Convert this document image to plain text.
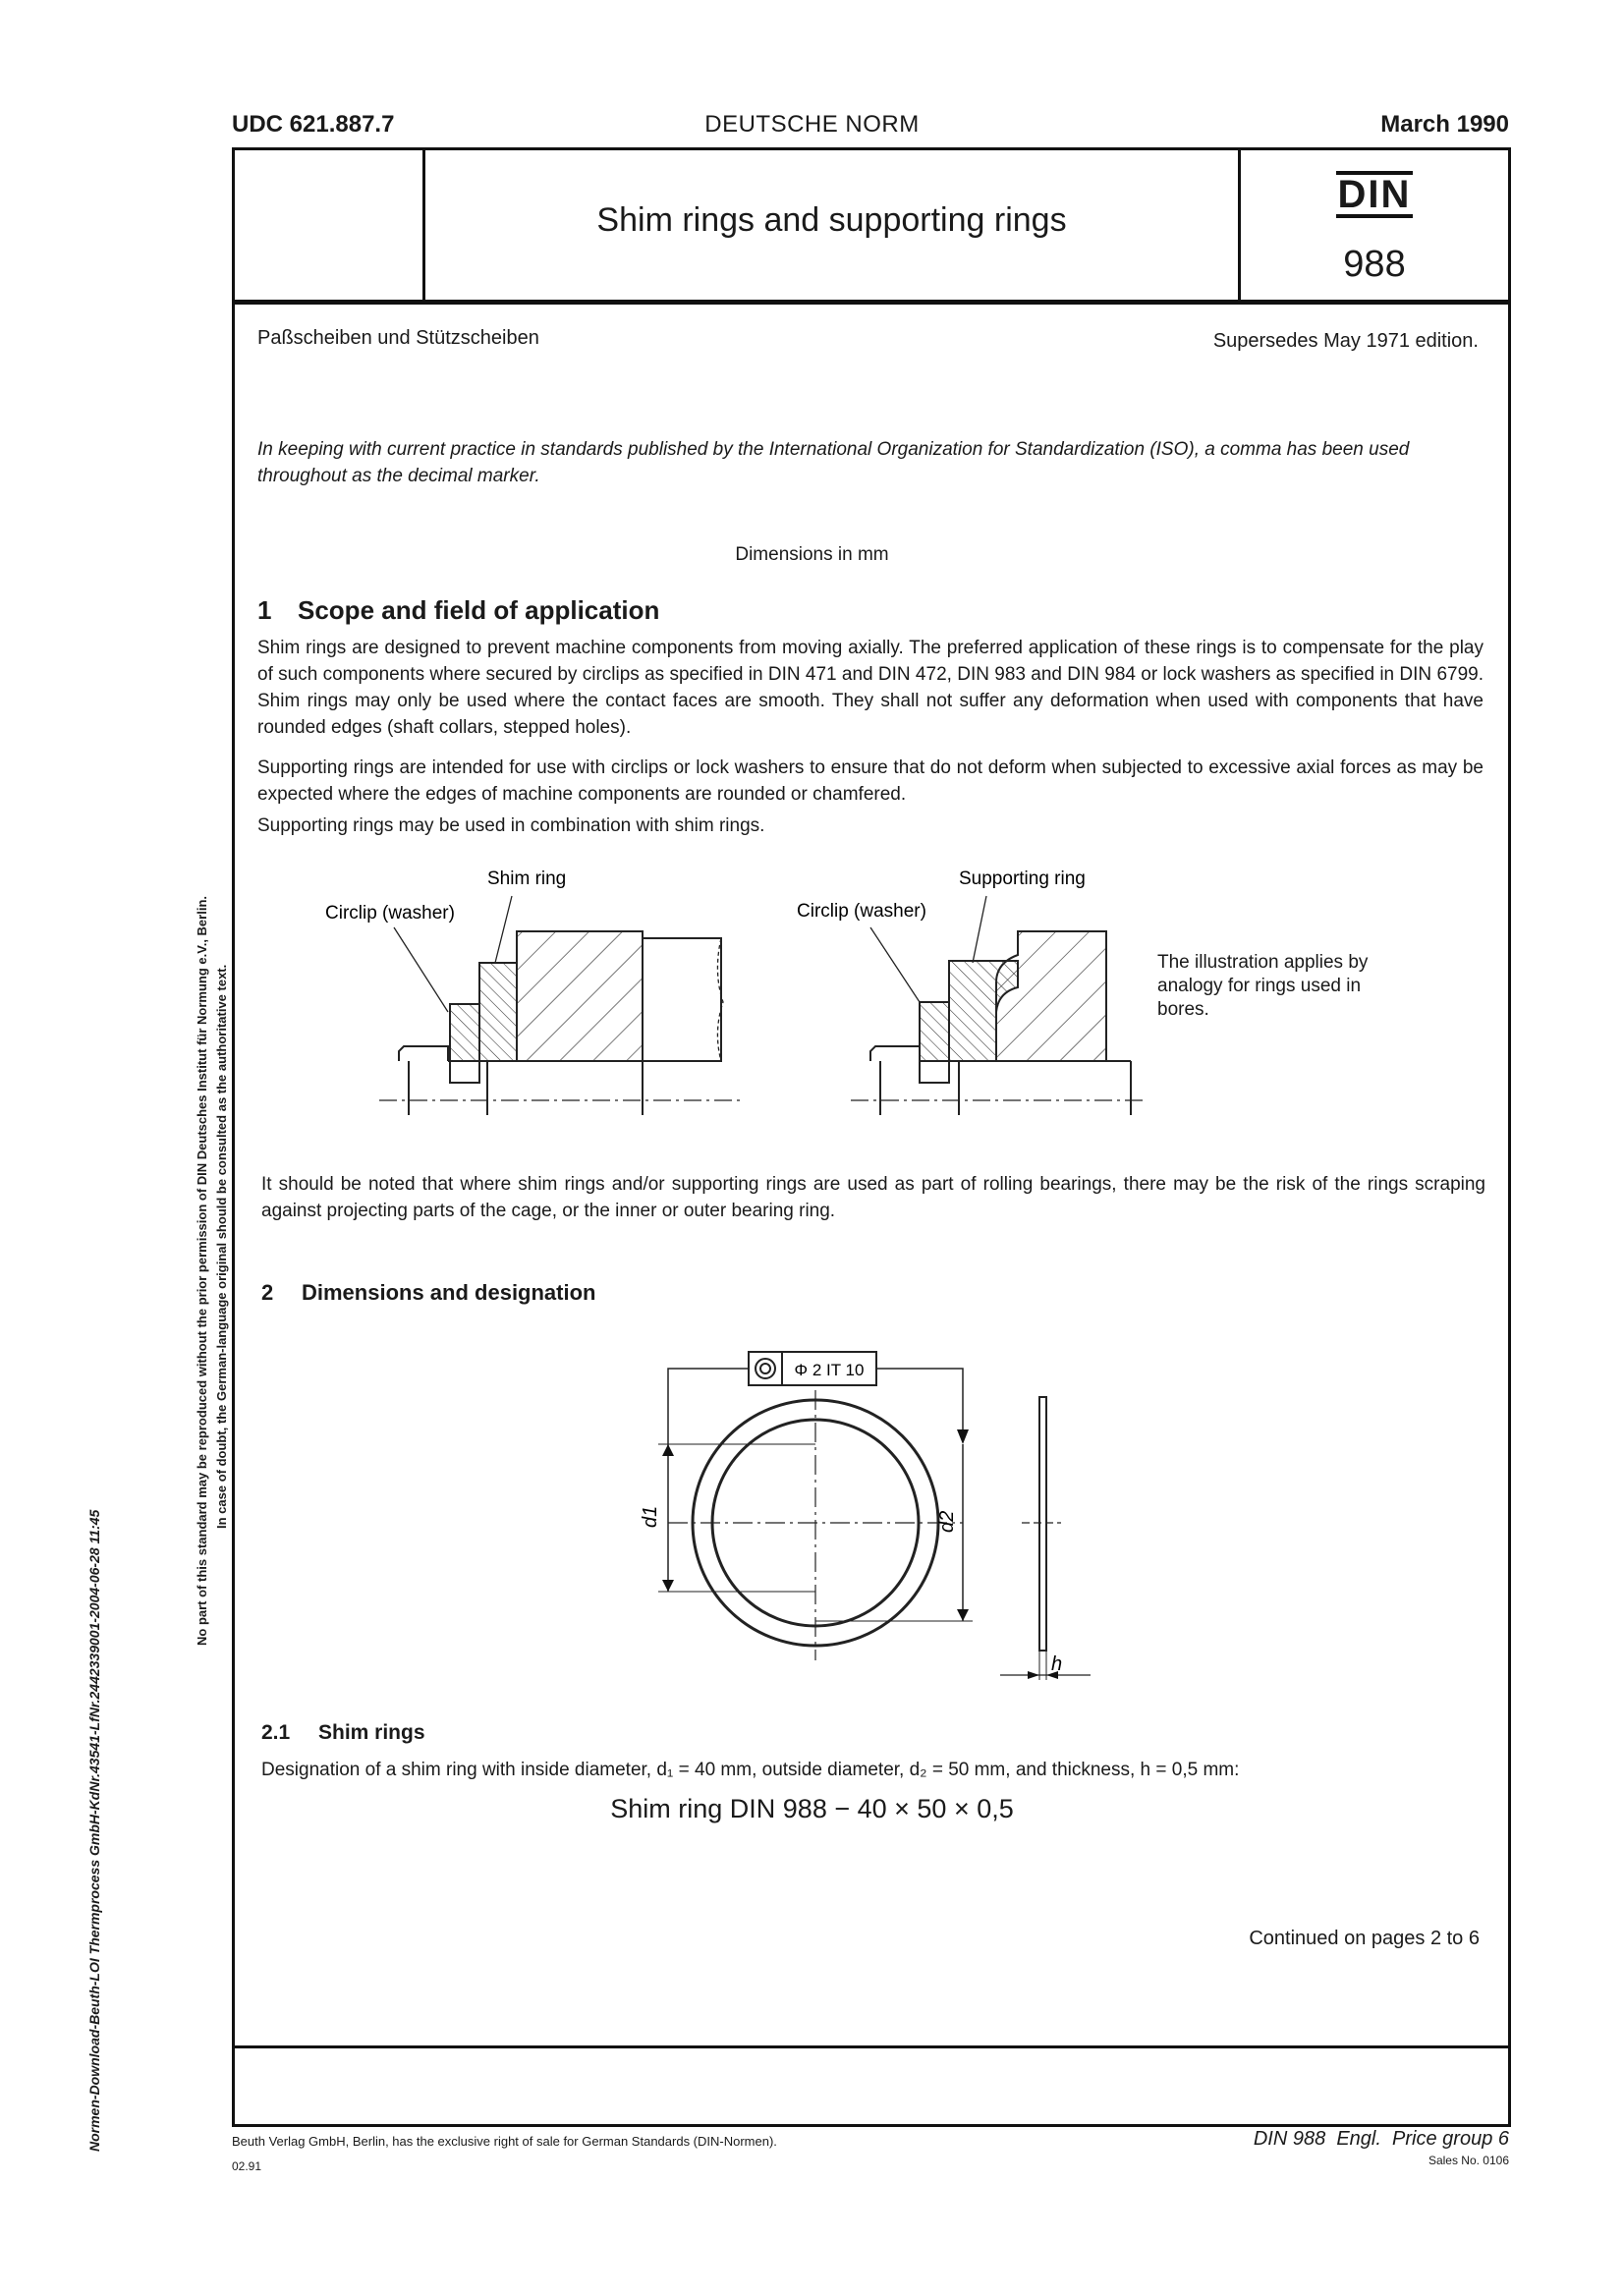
UDC 621.887.7	DEUTSCHE NORM	March 1990
Shim rings and supporting rings
DIN
988
Paßscheiben und Stützscheiben	Supersedes May 1971 edition.
In keeping with current practice in standards published by the International Organization for Standardization (ISO), a comma has been used throughout as the decimal marker.
Dimensions in mm
1 Scope and field of application
Shim rings are designed to prevent machine components from moving axially. The preferred application of these rings is to compensate for the play of such components where secured by circlips as specified in DIN 471 and DIN 472, DIN 983 and DIN 984 or lock washers as specified in DIN 6799. Shim rings may only be used where the contact faces are smooth. They shall not suffer any deformation when used with components that have rounded edges (shaft collars, stepped holes).
Supporting rings are intended for use with circlips or lock washers to ensure that do not deform when subjected to excessive axial forces as may be expected where the edges of machine components are rounded or chamfered.
Supporting rings may be used in combination with shim rings.
Shim ring
Circlip (washer)
Supporting ring
Circlip (washer)
The illustration applies by analogy for rings used in bores.
It should be noted that where shim rings and/or supporting rings are used as part of rolling bearings, there may be the risk of the rings scraping against projecting parts of the cage, or the inner or outer bearing ring.
2 Dimensions and designation
Φ 2 IT 10
d1	d2
h
2.1 Shim rings
Designation of a shim ring with inside diameter, d₁ = 40 mm, outside diameter, d₂ = 50 mm, and thickness, h = 0,5 mm:
Shim ring DIN 988 − 40 × 50 × 0,5
Continued on pages 2 to 6
Beuth Verlag GmbH, Berlin, has the exclusive right of sale for German Standards (DIN-Normen).	DIN 988  Engl.  Price group 6
02.91	Sales No. 0106
No part of this standard may be reproduced without the prior permission of DIN Deutsches Institut für Normung e.V., Berlin. In case of doubt, the German-language original should be consulted as the authoritative text.
Normen-Download-Beuth-LOI Thermprocess GmbH-KdNr.43541-LfNr.2442339001-2004-06-28 11:45
